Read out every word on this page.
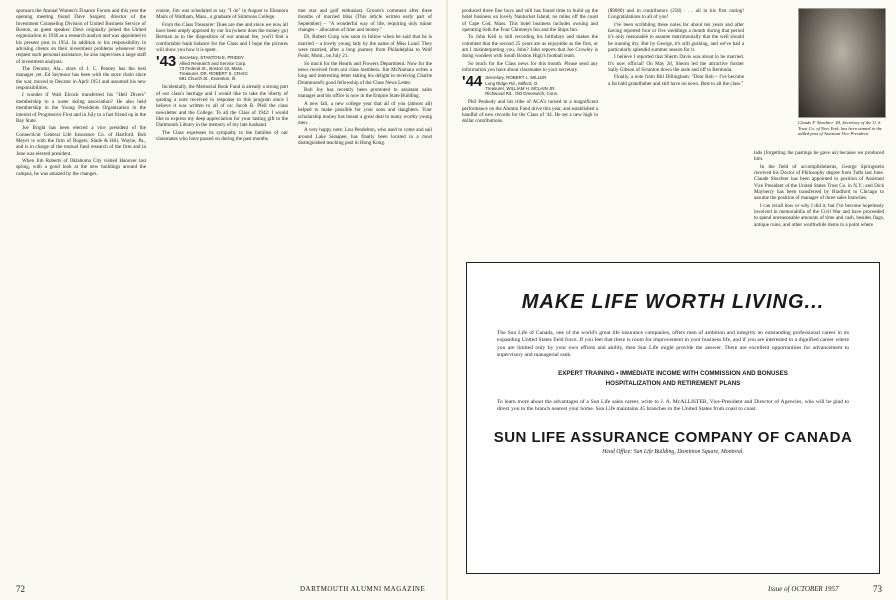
sponsors the Annual Women's Finance Forum and this year the opening meeting found Dave Sargent, director of the Investment Counseling Division of United Business Service of Boston, as guest speaker. Dave originally joined the United organization in 1936 as a research analyst and was appointed to his present post in 1954. In addition to his responsibility in advising clients on their investment problems whenever they request such personal assistance, he also supervises a large staff of investment analysts.

The Decatur, Ala., store of J. C. Penney has the best manager yet. Ed Seymour has been with the store chain since the war, moved to Decatur in April 1951 and assumed his new responsibilities.

I wonder if Walt Elcock transferred his "Hell Divers" membership to a water skiing association? He also held membership in the Young Presidents Organization in the interest of Progressive First and in July to a fast friend up in the Bay State.

Joe Bright has been elected a vice president of the Connecticut General Life Insurance Co. of Hartford. Bob Meyer is with the firm of Rogers, Slade & Hill, Wayne, Pa., and is in charge of the mutual fund research of the firm and in June was elected president.

When Jim Roberts of Oklahoma City visited Hanover last spring, with a good look at the new buildings around the campus, he was amazed by the changes.

course, Jim was scheduled to say "I do" in August to Eleanora Mairs of Waltham, Mass., a graduate of Simmons College.

From the Class Treasurer: Dues are due and since we now all have been amply apprised by our Ira (where does the money go) Berman as to the disposition of our annual fee, you'll find a comfortable bank balance for the Class and I hope the pictures will show you how it is spent.

'43 Secretary, STANTON E. PRIDDY
Allied Research and Service Corp.
73 Federal St., Boston 10, Mass.
Treasurer, DR. ROBERT S. CRAIG
691 Church St., Evanston, Ill.

Incidentally, the Memorial Book Fund is already a strong part of our class's heritage and I would like to take the liberty of quoting a note received in response to this program since I believe it was written to all of us: Jacob B. Pfeil the class newsletter and the College. To all the Class of 1942: I would like to express my deep appreciation for your lasting gift to the Dartmouth Library in the memory of my late husband.

The Class expresses its sympathy to the families of our classmates who have passed on during the past months.

mer star and golf enthusiast. Groom's comment after three months of married bliss (This article written early part of September) – "A wonderful way of life, requiring only minor changes – allocation of time and money."

Dr. Robert Craig was soon to follow when he said that he is married – a lovely young lady by the name of Miss Lund. They were married, after a long journey from Philadelphia to Wolf Point, Mont., on July 21.

So much for the Hearts and Flowers Department. Now for the news received from our class members. Jim McNamara writes a long and interesting letter stating his delight in receiving Charlie Drummond's good fellowship of the Class News Letter.

Bob Joy has recently been promoted to assistant sales manager and his office is now in the Empire State Building.

A new fall, a new college year that all of you (almost all) helped to make possible for your sons and daughters. Your scholarship money has meant a great deal to many worthy young men.

A very happy note: Lou Pendelton, who used to come and sail around Lake Sunapee, has finally been located in a most distinguished teaching post in Hong Kong.

72	DARTMOUTH ALUMNI MAGAZINE

produced three fine boys and still has found time to build up the hotel business on lovely Nantucket Island, no miles off the coast of Cape Cod, Mass. This hotel business includes owning and operating both the Four Chimneys Inn and the Ships Inn.

To John Keil is still recording his birthdays and makes the comment that the second 25 years are as enjoyable as the first, or am I misinterpreting you, John? John reports that Joe Crowley is doing wonders with South Boston High's football team.

So much for the Class news for this month. Please send any information you have about classmates to your secretary.

'44 Secretary, ROBERT L. MILLER
Long Ridge Rd., Milford, O.
Treasurer, WILLIAM H. MCLAIN JR.
Richwood Rd., Old Greenwich, Conn.

Phil Peabody and his tribe of ACA's turned in a magnificent performance on the Alumni Fund drive this year, and established a handful of new records for the Class of '44. He set a new high in dollar contributions.

($9080) and in contributors (258) . . . all in his first outing! Congratulations to all of you!

I've been scribbling these notes for about ten years and after having reported four or five weddings a month during that period it's only reasonable to assume matrimonially that the well should be running dry. But by George, it's still gushing, and we've had a particularly splendid summer season for it.

I believe I reported that Sherm Davis was about to be married. It's now official! On May 20, Sherm led the attractive former Sally Gibson of Scranton down the aisle and off to Bermuda.

Finally, a note from Bill Dillingham: "Dear Bob – I've become a fat bald grandfather and still have no news. Best to all the class."

Claude F. Shuchter '44, Secretary of the U. S. Trust Co. of New York, has been named to the added post of Assistant Vice President.

lads (forgetting the pastings he gave us) because we produced him.

In the field of accomplishments, George Springstein received his Doctor of Philosophy degree from Tufts last June. Claude Shuchter has been appointed to position of Assistant Vice President of the United States Trust Co. in N.Y.; and Dick Mayberry has been transferred by Bradford to Chicago to assume the position of manager of three sales branches.

I can recall how or why I did it, but I've become hopelessly involved in memorabilia of the Civil War and have proceeded to spend unreasonable amounts of time and cash, besides flags, antique ruins, and other worthwhile items to a point where

MAKE LIFE WORTH LIVING...

The Sun Life of Canada, one of the world's great life insurance companies, offers men of ambition and integrity an outstanding professional career in its expanding United States field force. If you feel that there is room for improvement in your business life, and if you are interested in a dignified career where you are limited only by your own efforts and ability, then Sun Life might provide the answer. There are excellent opportunities for advancement to supervisory and managerial rank.

EXPERT TRAINING • IMMEDIATE INCOME WITH COMMISSION AND BONUSES
HOSPITALIZATION AND RETIREMENT PLANS
To learn more about the advantages of a Sun Life sales career, write to J. A. McALLISTER, Vice-President and Director of Agencies, who will be glad to direct you to the branch nearest your home. Sun Life maintains 45 branches in the United States from coast to coast.
SUN LIFE ASSURANCE COMPANY OF CANADA
Head Office: Sun Life Building, Dominion Square, Montreal.
Issue of OCTOBER 1957	73
